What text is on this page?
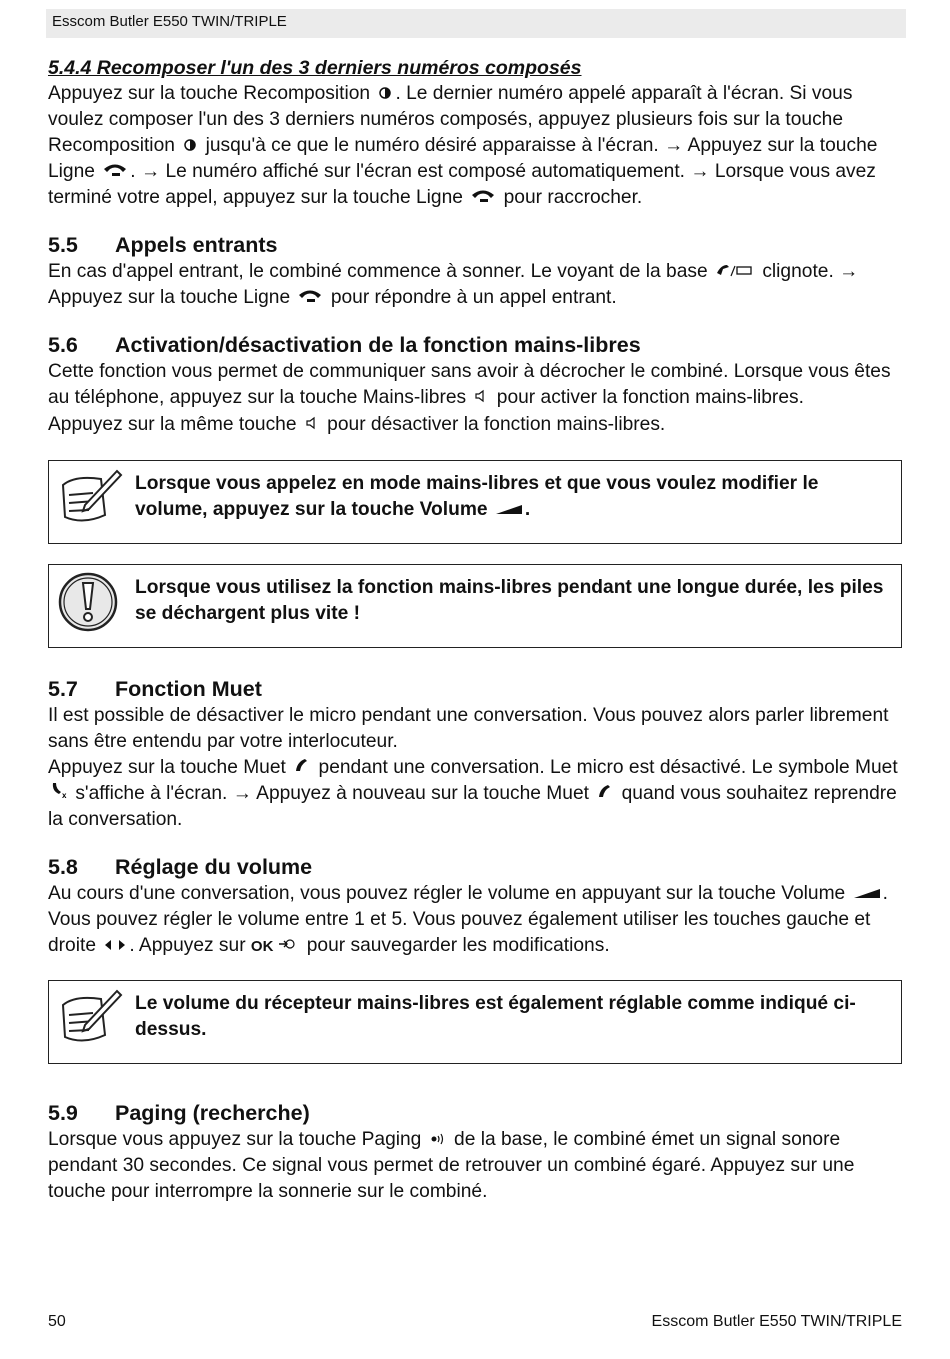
Esscom Butler E550 TWIN/TRIPLE

5.4.4 Recomposer l'un des 3 derniers numéros composés

Appuyez sur la touche Recomposition . Le dernier numéro appelé apparaît à l'écran. Si vous voulez composer l'un des 3 derniers numéros composés, appuyez plusieurs fois sur la touche Recomposition  jusqu'à ce que le numéro désiré apparaisse à l'écran. → Appuyez sur la touche Ligne . → Le numéro affiché sur l'écran est composé automatiquement. → Lorsque vous avez terminé votre appel, appuyez sur la touche Ligne  pour raccrocher.

5.5	Appels entrants

En cas d'appel entrant, le combiné commence à sonner. Le voyant de la base  clignote. → Appuyez sur la touche Ligne  pour répondre à un appel entrant.

5.6	Activation/désactivation de la fonction mains-libres

Cette fonction vous permet de communiquer sans avoir à décrocher le combiné. Lorsque vous êtes au téléphone, appuyez sur la touche Mains-libres  pour activer la fonction mains-libres.

Appuyez sur la même touche  pour désactiver la fonction mains-libres.

Lorsque vous appelez en mode mains-libres et que vous voulez modifier le volume, appuyez sur la touche Volume .
Lorsque vous utilisez la fonction mains-libres pendant une longue durée, les piles se déchargent plus vite !
5.7	Fonction Muet

Il est possible de désactiver le micro pendant une conversation. Vous pouvez alors parler librement sans être entendu par votre interlocuteur.

Appuyez sur la touche Muet  pendant une conversation. Le micro est désactivé. Le symbole Muet
x s'affiche à l'écran. → Appuyez à nouveau sur la touche Muet  quand vous souhaitez reprendre la conversation.

5.8	Réglage du volume

Au cours d'une conversation, vous pouvez régler le volume en appuyant sur la touche Volume . Vous pouvez régler le volume entre 1 et 5. Vous pouvez également utiliser les touches gauche et droite . Appuyez sur OK pour sauvegarder les modifications.

Le volume du récepteur mains-libres est également réglable comme indiqué ci-dessus.
5.9	Paging (recherche)

Lorsque vous appuyez sur la touche Paging  de la base, le combiné émet un signal sonore pendant 30 secondes. Ce signal vous permet de retrouver un combiné égaré. Appuyez sur une touche pour interrompre la sonnerie sur le combiné.

50	Esscom Butler E550 TWIN/TRIPLE
